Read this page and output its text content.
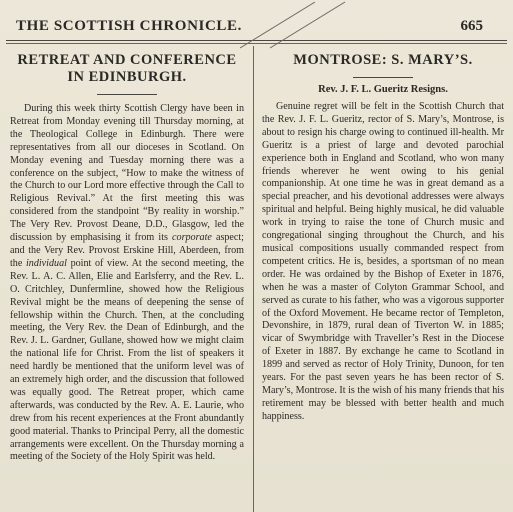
THE SCOTTISH CHRONICLE.	665
RETREAT AND CONFERENCE
IN EDINBURGH.

During this week thirty Scottish Clergy have been in Retreat from Monday evening till Thursday morning, at the Theological College in Edinburgh. There were representatives from all our dioceses in Scotland. On Monday evening and Tuesday morning there was a conference on the subject, “How to make the witness of the Church to our Lord more effective through the Call to Religious Revival.” At the first meeting this was considered from the standpoint “By reality in worship.” The Very Rev. Provost Deane, D.D., Glasgow, led the discussion by emphasising it from its corporate aspect; and the Very Rev. Provost Erskine Hill, Aberdeen, from the individual point of view. At the second meeting, the Rev. L. A. C. Allen, Elie and Earlsferry, and the Rev. L. O. Critchley, Dunfermline, showed how the Religious Revival might be the means of deepening the sense of fellowship within the Church. Then, at the concluding meeting, the Very Rev. the Dean of Edinburgh, and the Rev. J. L. Gardner, Gullane, showed how we might claim the national life for Christ. From the list of speakers it need hardly be mentioned that the uniform level was of an extremely high order, and the discussion that followed was equally good. The Retreat proper, which came afterwards, was conducted by the Rev. A. E. Laurie, who drew from his recent experiences at the Front abundantly good material. Thanks to Principal Perry, all the domestic arrangements were excellent. On the Thursday morning a meeting of the Society of the Holy Spirit was held.

MONTROSE: S. MARY’S.
Rev. J. F. L. Gueritz Resigns.

Genuine regret will be felt in the Scottish Church that the Rev. J. F. L. Gueritz, rector of S. Mary’s, Montrose, is about to resign his charge owing to continued ill-health. Mr Gueritz is a priest of large and devoted parochial experience both in England and Scotland, who won many friends wherever he went owing to his genial companionship. At one time he was in great demand as a special preacher, and his devotional addresses were always spiritual and helpful. Being highly musical, he did valuable work in trying to raise the tone of Church music and congregational singing throughout the Church, and his musical compositions usually commanded respect from competent critics. He is, besides, a sportsman of no mean order. He was ordained by the Bishop of Exeter in 1876, when he was a master of Colyton Grammar School, and served as curate to his father, who was a vigorous supporter of the Oxford Movement. He became rector of Templeton, Devonshire, in 1879, rural dean of Tiverton W. in 1885; vicar of Swymbridge with Traveller’s Rest in the Diocese of Exeter in 1887. By exchange he came to Scotland in 1899 and served as rector of Holy Trinity, Dunoon, for ten years. For the past seven years he has been rector of S. Mary’s, Montrose. It is the wish of his many friends that his retirement may be blessed with better health and much happiness.
